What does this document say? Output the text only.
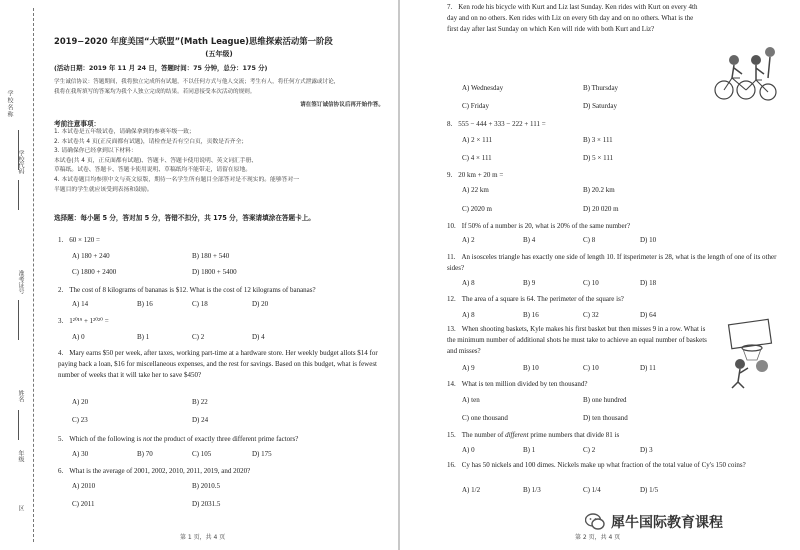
学校名称
学校代码
准考证号
姓名
年级
区
2019−2020 年度美国“大联盟”(Math League)思维探索活动第一阶段
(五年级)
(活动日期：2019 年 11 月 24 日，答题时间：75 分钟，总分：175 分)
学生诚信协议：答题期间，我将独立完成所有试题，不以任何方式与他人交流；考生有人，将任何方式泄露或讨论，
我将在我所填写的答案均为我个人独立完成的结果。若同意接受本次活动的规则。
请在签订诚信协议后再开始作答。
考前注意事项：
1. 本试卷是五年级试卷，请确保拿到的参赛年级一致；
2. 本试卷共 4 页(正反面都有试题)，请检查是否有空白页，页数是否齐全；
3. 请确保你已经拿到以下材料：
本试卷(共 4 页，正反面都有试题)、答题卡、答题卡使用说明、英文词汇手册、
草稿纸。试卷、答题卡、答题卡使用说明、草稿纸均不能带走，请留在原地。
4. 本试卷题目均参照中文与英文原版，期待一名学生所有题目全部答对是不现实的。能够答对一
半题目的学生就应该受到表扬和鼓励。
选择题：每小题 5 分，答对加 5 分，答错不扣分，共 175 分，答案请填涂在答题卡上。
1. 60 × 120 =
A) 180 + 240	B) 180 + 540
C) 1800 + 2400	D) 1800 + 5400
2. The cost of 8 kilograms of bananas is $12. What is the cost of 12 kilograms of bananas?
A) 14	B) 16	C) 18	D) 20
3. 1²⁰¹⁹ + 1²⁰²⁰ =
A) 0	B) 1	C) 2	D) 4
4. Mary earns $50 per week, after taxes, working part-time at a hardware store. Her weekly budget allots $14 for paying back a loan, $16 for miscellaneous expenses, and the rest for savings. Based on this budget, what is fewest number of weeks that it will take her to save $450?
A) 20	B) 22
C) 23	D) 24
5. Which of the following is not the product of exactly three different prime factors?
A) 30	B) 70	C) 105	D) 175
6. What is the average of 2001, 2002, 2010, 2011, 2019, and 2020?
A) 2010	B) 2010.5
C) 2011	D) 2031.5
第 1 页，共 4 页
7. Ken rode his bicycle with Kurt and Liz last Sunday. Ken rides with Kurt on every 4th day and on no others. Ken rides with Liz on every 6th day and on no others. What is the first day after last Sunday on which Ken will ride with both Kurt and Liz?
A) Wednesday	B) Thursday
C) Friday	D) Saturday
8. 555 − 444 + 333 − 222 + 111 =
A) 2 × 111	B) 3 × 111
C) 4 × 111	D) 5 × 111
9. 20 km + 20 m =
A) 22 km	B) 20.2 km
C) 2020 m	D) 20 020 m
10. If 50% of a number is 20, what is 20% of the same number?
A) 2	B) 4	C) 8	D) 10
11. An isosceles triangle has exactly one side of length 10. If itsperimeter is 28, what is the length of one of its other sides?
A) 8	B) 9	C) 10	D) 18
12. The area of a square is 64. The perimeter of the square is?
A) 8	B) 16	C) 32	D) 64
13. When shooting baskets, Kyle makes his first basket but then misses 9 in a row. What is the minimum number of additional shots he must take to achieve an equal number of baskets and misses?
A) 9	B) 10	C) 10	D) 11
14. What is ten million divided by ten thousand?
A) ten	B) one hundred
C) one thousand	D) ten thousand
15. The number of different prime numbers that divide 81 is
A) 0	B) 1	C) 2	D) 3
16. Cy has 50 nickels and 100 dimes. Nickels make up what fraction of the total value of Cy's 150 coins?
A) 1/2	B) 1/3	C) 1/4	D) 1/5
第 2 页，共 4 页
犀牛国际教育课程
